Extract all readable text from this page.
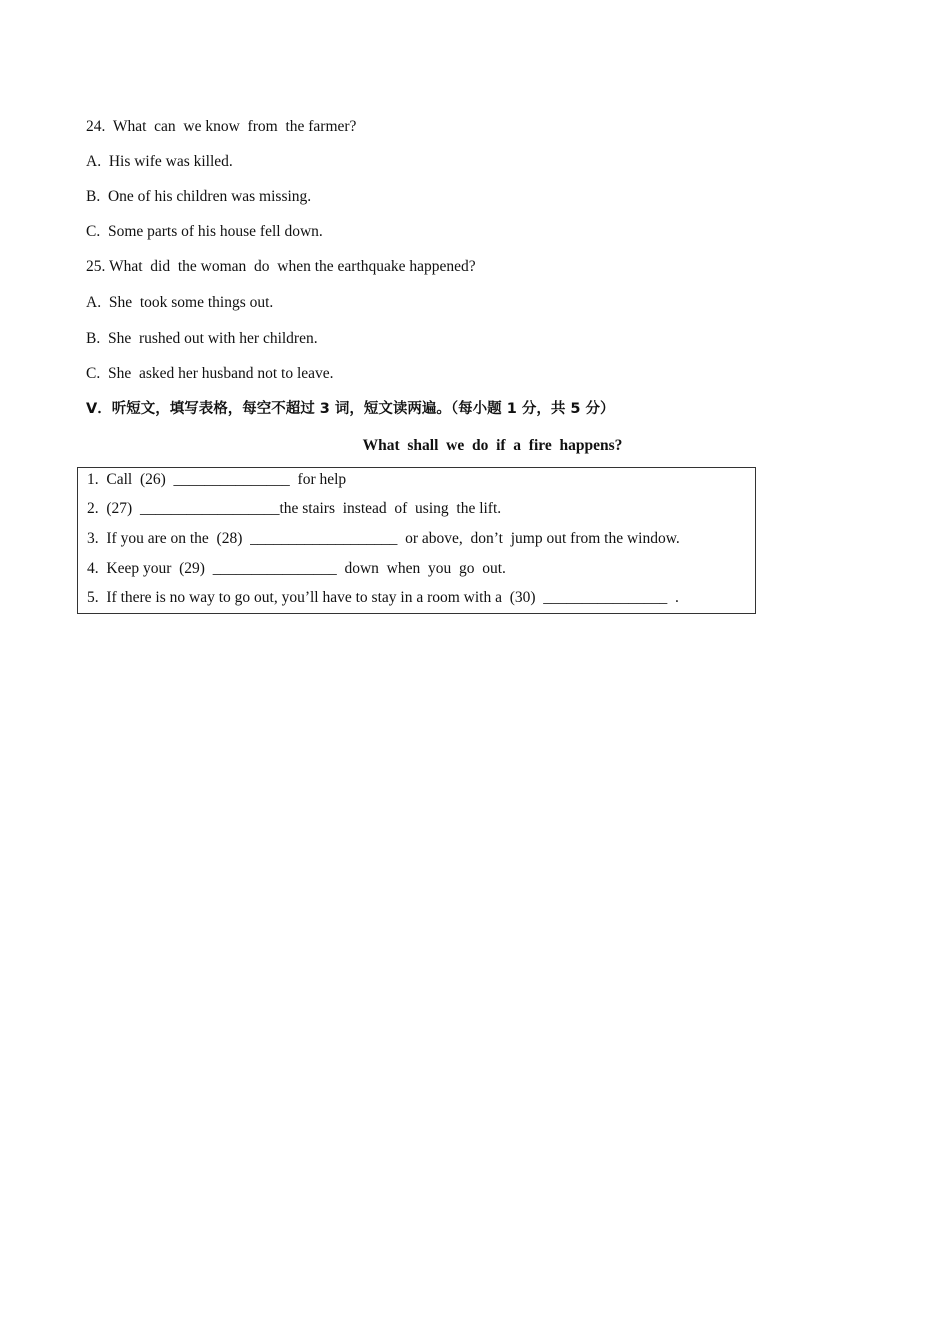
24.  What  can  we know  from  the farmer?
A.  His wife was killed.
B.  One of his children was missing.
C.  Some parts of his house fell down.
25. What  did  the woman  do  when the earthquake happened?
A.  She  took some things out.
B.  She  rushed out with her children.
C.  She  asked her husband not to leave.
V．听短文，填写表格，每空不超过 3 词，短文读两遍。（每小题 1 分，共 5 分）
What  shall  we  do  if  a  fire  happens?
1.  Call  (26)  _______________  for help
2.  (27)  __________________the stairs  instead  of  using  the lift.
3.  If you are on the  (28)  ___________________  or above,  don’t  jump out from the window.
4.  Keep your  (29)  ________________  down  when  you  go  out.
5.  If there is no way to go out, you’ll have to stay in a room with a  (30)  ________________  .
